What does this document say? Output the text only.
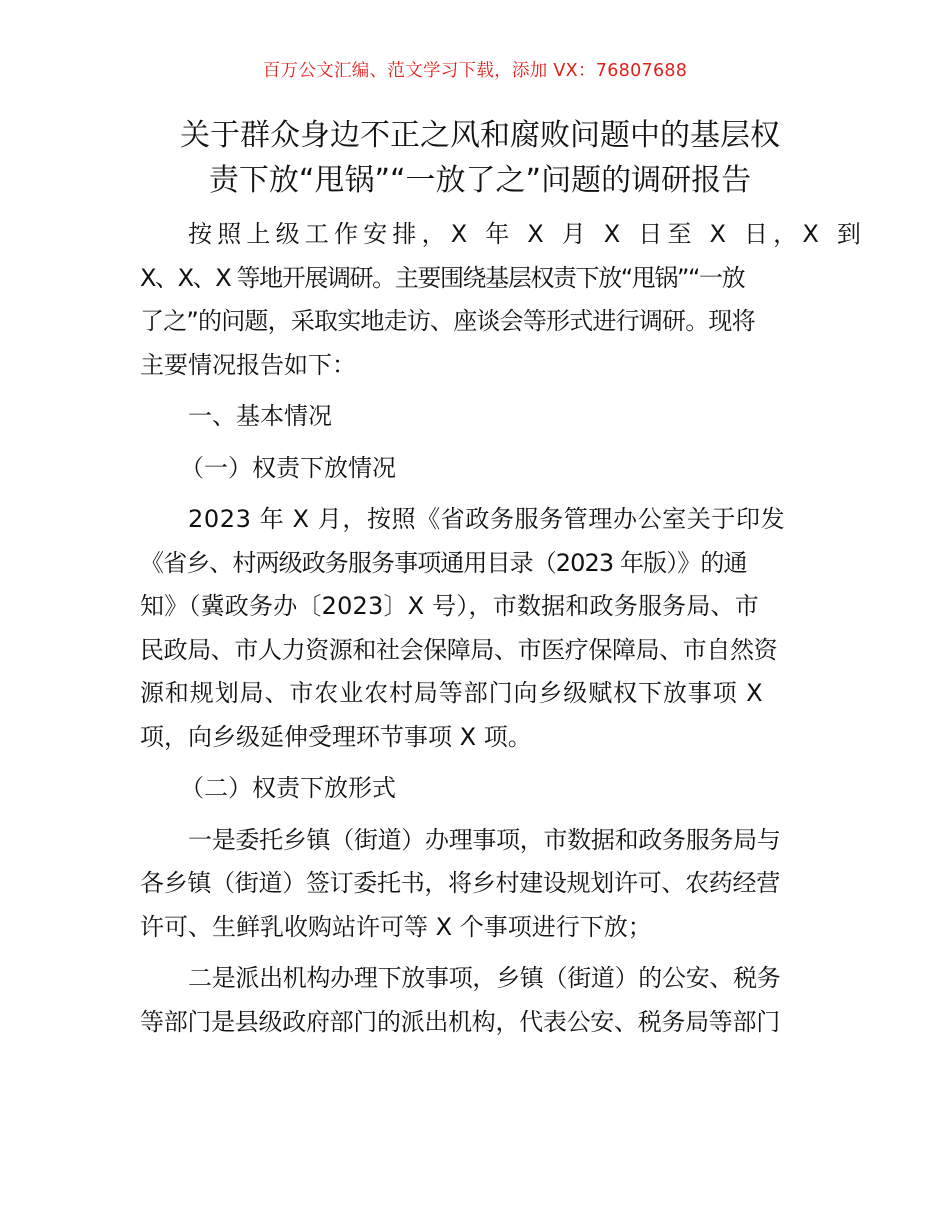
百万公文汇编、范文学习下载，添加 VX：76807688
关于群众身边不正之风和腐败问题中的基层权
责下放“甩锅”“一放了之”问题的调研报告

按照上级工作安排，X 年 X 月 X 日至 X 日，X 到
X、X、X 等地开展调研。主要围绕基层权责下放“甩锅”“一放
了之”的问题，采取实地走访、座谈会等形式进行调研。现将
主要情况报告如下：

一、基本情况

（一）权责下放情况

2023 年 X 月，按照《省政务服务管理办公室关于印发
《省乡、村两级政务服务事项通用目录（2023 年版）》的通
知》（冀政务办〔2023〕X 号），市数据和政务服务局、市
民政局、市人力资源和社会保障局、市医疗保障局、市自然资
源和规划局、市农业农村局等部门向乡级赋权下放事项 X
项，向乡级延伸受理环节事项 X 项。

（二）权责下放形式

一是委托乡镇（街道）办理事项，市数据和政务服务局与
各乡镇（街道）签订委托书，将乡村建设规划许可、农药经营
许可、生鲜乳收购站许可等 X 个事项进行下放；

二是派出机构办理下放事项，乡镇（街道）的公安、税务
等部门是县级政府部门的派出机构，代表公安、税务局等部门
